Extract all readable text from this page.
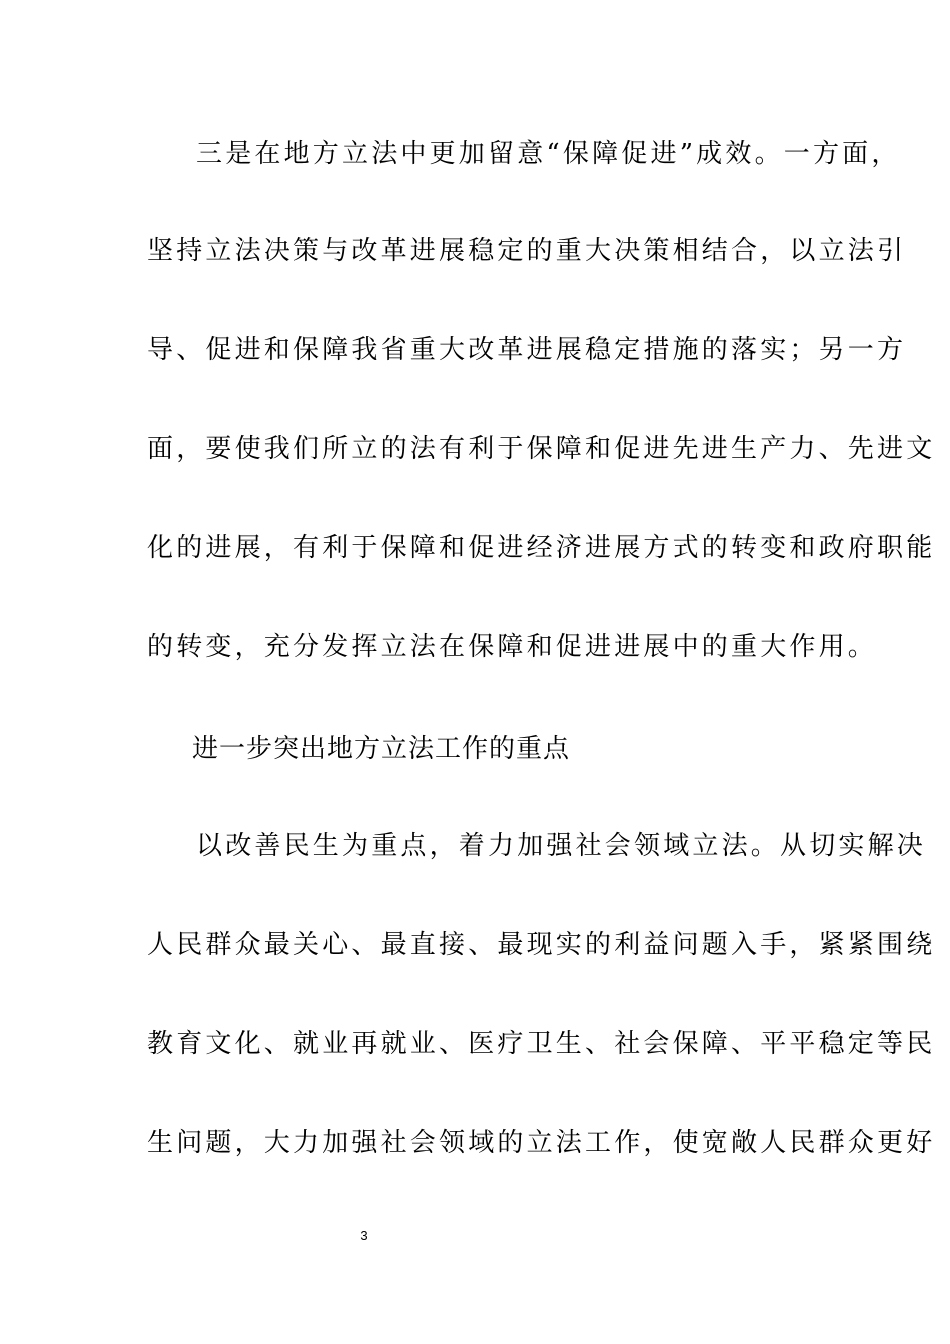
三是在地方立法中更加留意“保障促进”成效。一方面，
坚持立法决策与改革进展稳定的重大决策相结合，以立法引
导、促进和保障我省重大改革进展稳定措施的落实；另一方
面，要使我们所立的法有利于保障和促进先进生产力、先进文
化的进展，有利于保障和促进经济进展方式的转变和政府职能
的转变，充分发挥立法在保障和促进进展中的重大作用。
进一步突出地方立法工作的重点
以改善民生为重点，着力加强社会领域立法。从切实解决
人民群众最关心、最直接、最现实的利益问题入手，紧紧围绕
教育文化、就业再就业、医疗卫生、社会保障、平平稳定等民
生问题，大力加强社会领域的立法工作，使宽敞人民群众更好
3
